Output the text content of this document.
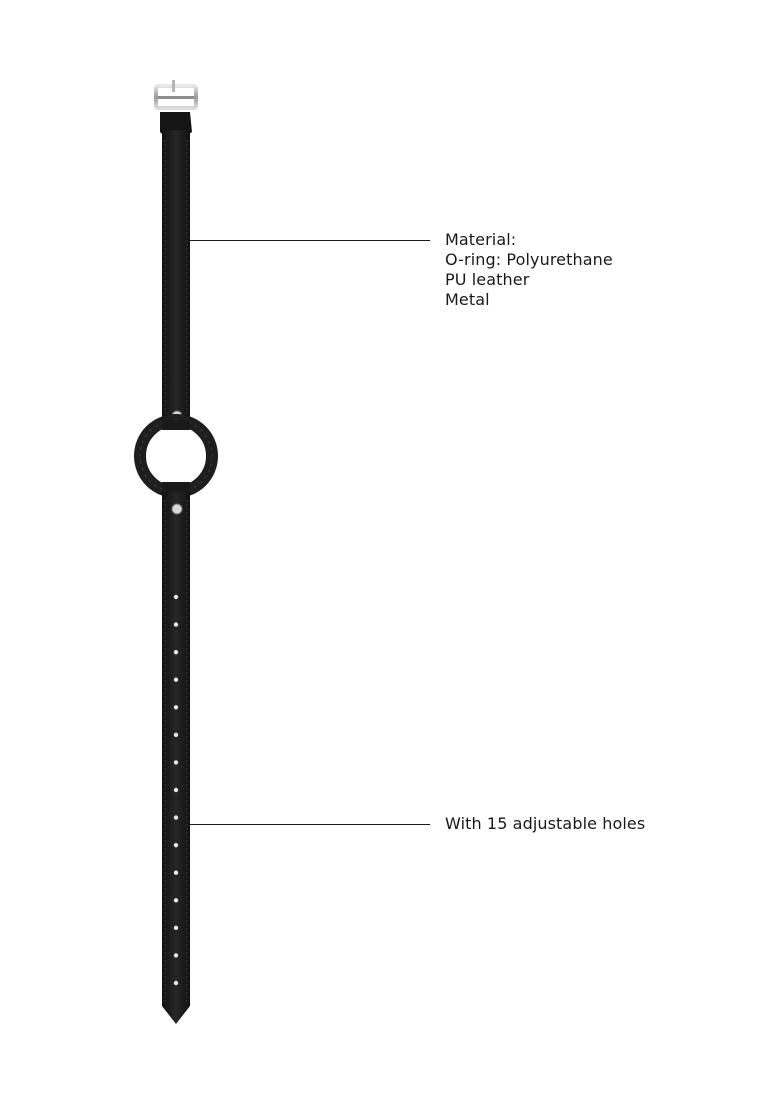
Material:
O-ring: Polyurethane
PU leather
Metal
With 15 adjustable holes
